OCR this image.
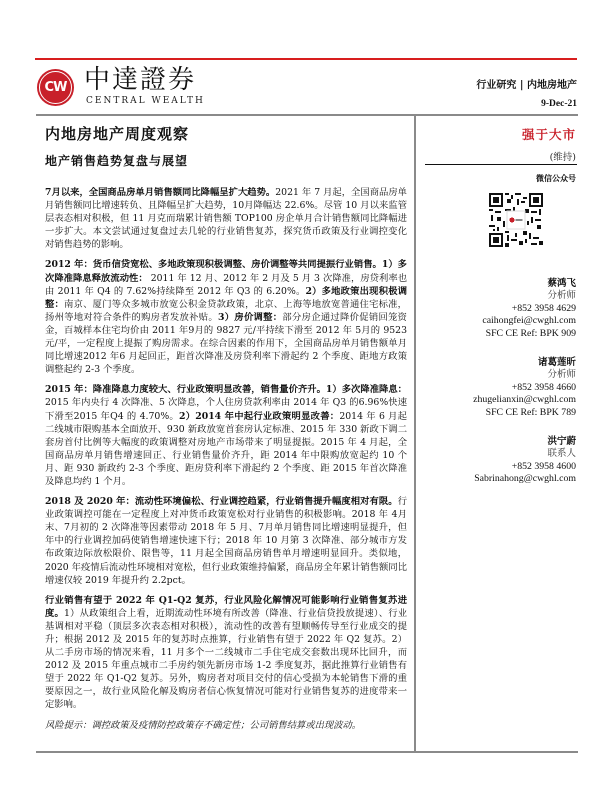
CW 中達證券
CENTRAL WEALTH
行业研究 | 内地房地产
9-Dec-21
内地房地产周度观察
地产销售趋势复盘与展望
强于大市
(维持)
微信公众号
蔡鸿飞
分析师
+852 3958 4629
caihongfei@cwghl.com
SFC CE Ref: BPK 909
诸葛莲昕
分析师
+852 3958 4660
zhugelianxin@cwghl.com
SFC CE Ref: BPK 789
洪宁蔚
联系人
+852 3958 4600
Sabrinahong@cwghl.com

7月以来，全国商品房单月销售额同比降幅呈扩大趋势。2021 年 7 月起，全国商品房单月销售额同比增速转负、且降幅呈扩大趋势，10月降幅达 22.6%。尽管 10 月以来监管层表态相对积极，但 11 月克而瑞累计销售额 TOP100 房企单月合计销售额同比降幅进一步扩大。本文尝试通过复盘过去几轮的行业销售复苏，探究货币政策及行业调控变化对销售趋势的影响。

2012 年：货币信贷宽松、多地政策现积极调整、房价调整等共同提振行业销售。1）多次降准降息释放流动性： 2011 年 12 月、2012 年 2 月及 5 月 3 次降准，房贷利率也由 2011 年 Q4 的 7.62%持续降至 2012 年 Q3 的 6.20%。2）多地政策出现积极调整：南京、厦门等众多城市放宽公积金贷款政策，北京、上海等地放宽普通住宅标准，扬州等地对符合条件的购房者发放补贴。3）房价调整：部分房企通过降价促销回笼资金，百城样本住宅均价由 2011 年9月的 9827 元/平持续下滑至 2012 年 5月的 9523 元/平，一定程度上提振了购房需求。在综合因素的作用下，全国商品房单月销售额单月同比增速2012 年6 月起回正，距首次降准及房贷利率下滑起约 2 个季度、距地方政策调整起约 2-3 个季度。

2015 年：降准降息力度较大、行业政策明显改善，销售量价齐升。1）多次降准降息：2015 年内央行 4 次降准、5 次降息，个人住房贷款利率由 2014 年 Q3 的6.96%快速下滑至2015 年Q4 的 4.70%。2）2014 年中起行业政策明显改善：2014 年 6 月起二线城市限购基本全面放开、930 新政放宽首套房认定标准、2015 年 330 新政下调二套房首付比例等大幅度的政策调整对房地产市场带来了明显提振。2015 年 4 月起，全国商品房单月销售增速回正、行业销售量价齐升，距 2014 年中限购放宽起约 10 个月、距 930 新政约 2-3 个季度、距房贷利率下滑起约 2 个季度、距 2015 年首次降准及降息均约 1 个月。

2018 及 2020 年：流动性环境偏松、行业调控趋紧，行业销售提升幅度相对有限。行业政策调控可能在一定程度上对冲货币政策宽松对行业销售的积极影响。2018 年 4月末、7月初的 2 次降准等因素带动 2018 年 5 月、7月单月销售同比增速明显提升，但年中的行业调控加码使销售增速快速下行；2018 年 10 月第 3 次降准、部分城市方发布政策边际放松限价、限售等，11 月起全国商品房销售单月增速明显回升。类似地，2020 年疫情后流动性环境相对宽松，但行业政策维持偏紧，商品房全年累计销售额同比增速仅较 2019 年提升约 2.2pct。

行业销售有望于 2022 年 Q1-Q2 复苏，行业风险化解情况可能影响行业销售复苏进度。1）从政策组合上看，近期流动性环境有所改善（降准、行业信贷投放提速）、行业基调相对平稳（顶层多次表态相对积极），流动性的改善有望顺畅传导至行业成交的提升；根据 2012 及 2015 年的复苏时点推算，行业销售有望于 2022 年 Q2 复苏。2）从二手房市场的情况来看，11 月多个一二线城市二手住宅成交套数出现环比回升，而 2012 及 2015 年重点城市二手房约领先新房市场 1-2 季度复苏，据此推算行业销售有望于 2022 年 Q1-Q2 复苏。另外，购房者对项目交付的信心受损为本轮销售下滑的重要原因之一，故行业风险化解及购房者信心恢复情况可能对行业销售复苏的进度带来一定影响。

风险提示：调控政策及疫情防控政策存不确定性；公司销售结算或出现波动。
